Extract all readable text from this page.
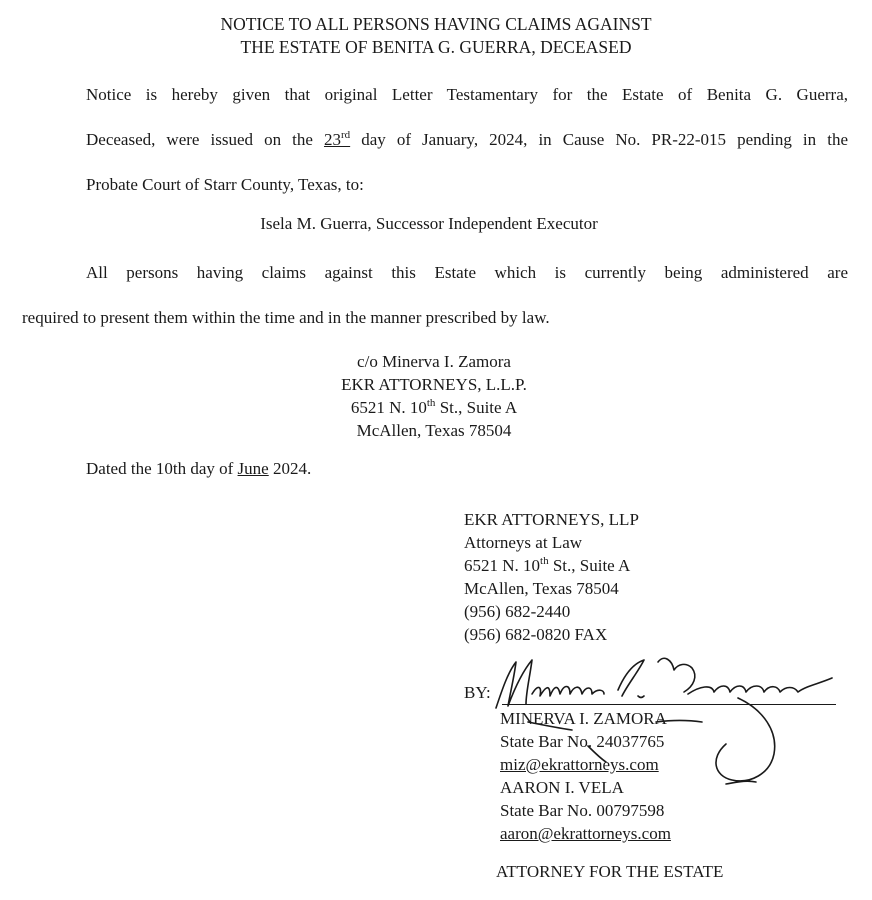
NOTICE TO ALL PERSONS HAVING CLAIMS AGAINST
THE ESTATE OF BENITA G. GUERRA, DECEASED
Notice is hereby given that original Letter Testamentary for the Estate of Benita G. Guerra,
Deceased, were issued on the 23rd day of January, 2024, in Cause No. PR-22-015 pending in the
Probate Court of Starr County, Texas, to:
Isela M. Guerra, Successor Independent Executor
All persons having claims against this Estate which is currently being administered are
required to present them within the time and in the manner prescribed by law.
c/o Minerva I. Zamora
EKR ATTORNEYS, L.L.P.
6521 N. 10th St., Suite A
McAllen, Texas 78504
Dated the 10th day of June 2024.
EKR ATTORNEYS, LLP
Attorneys at Law
6521 N. 10th St., Suite A
McAllen, Texas 78504
(956) 682-2440
(956) 682-0820 FAX
BY:
MINERVA I. ZAMORA
State Bar No. 24037765
miz@ekrattorneys.com
AARON I. VELA
State Bar No. 00797598
aaron@ekrattorneys.com
ATTORNEY FOR THE ESTATE
